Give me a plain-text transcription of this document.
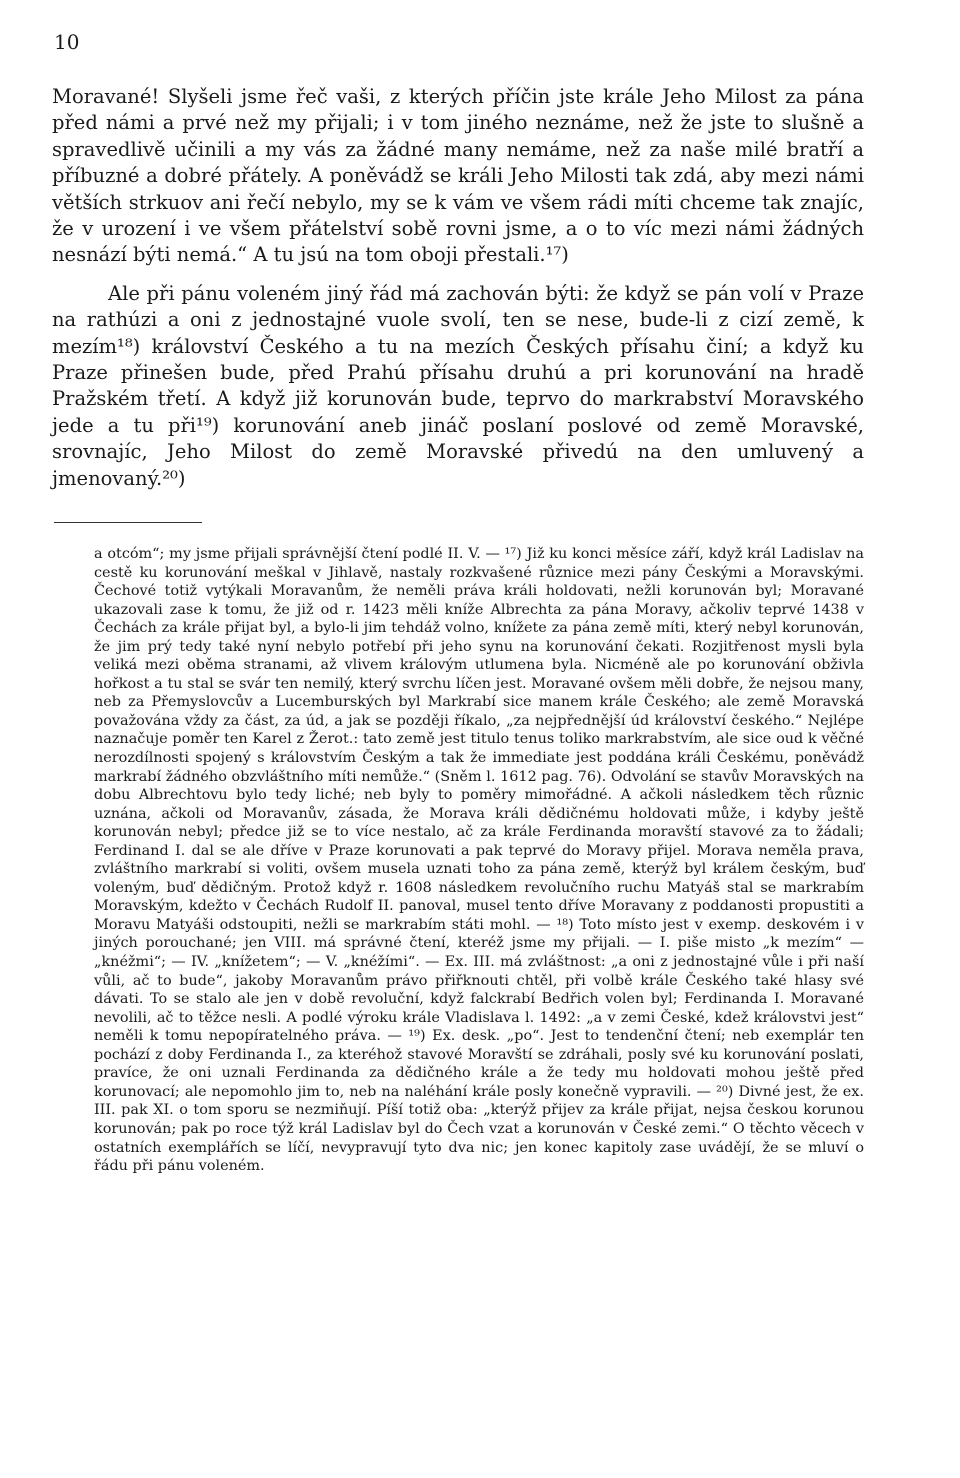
10

Moravané! Slyšeli jsme řeč vaši, z kterých příčin jste krále Jeho Milost za pána před námi a prvé než my přijali; i v tom jiného neznáme, než že jste to slušně a spravedlivě učinili a my vás za žádné many nemáme, než za naše milé bratří a příbuzné a dobré přátely. A poněvádž se králi Jeho Milosti tak zdá, aby mezi námi větších strkuov ani řečí nebylo, my se k vám ve všem rádi míti chceme tak znajíc, že v urození i ve všem přátelství sobě rovni jsme, a o to víc mezi námi žádných nesnází býti nemá.“ A tu jsú na tom oboji přestali.¹⁷)

Ale při pánu voleném jiný řád má zachován býti: že když se pán volí v Praze na rathúzi a oni z jednostajné vuole svolí, ten se nese, bude-li z cizí země, k mezím¹⁸) království Českého a tu na mezích Českých přísahu činí; a když ku Praze přinešen bude, před Prahú přísahu druhú a pri korunování na hradě Pražském třetí. A když již korunován bude, teprvo do markrabství Moravského jede a tu při¹⁹) korunování aneb jináč poslaní poslové od země Moravské, srovnajíc, Jeho Milost do země Moravské přivedú na den umluvený a jmenovaný.²⁰)

a otcóm“; my jsme přijali správnější čtení podlé II. V. — ¹⁷) Již ku konci měsíce září, když král Ladislav na cestě ku korunování meškal v Jihlavě, nastaly rozkvašené různice mezi pány Českými a Moravskými. Čechové totiž vytýkali Moravanům, že neměli práva králi holdovati, nežli korunován byl; Moravané ukazovali zase k tomu, že již od r. 1423 měli kníže Albrechta za pána Moravy, ačkoliv teprvé 1438 v Čechách za krále přijat byl, a bylo-li jim tehdáž volno, knížete za pána země míti, který nebyl korunován, že jim prý tedy také nyní nebylo potřebí při jeho synu na korunování čekati. Rozjitřenost mysli byla veliká mezi oběma stranami, až vlivem královým utlumena byla. Nicméně ale po korunování obživla hořkost a tu stal se svár ten nemilý, který svrchu líčen jest. Moravané ovšem měli dobře, že nejsou many, neb za Přemyslovcův a Lucemburských byl Markrabí sice manem krále Českého; ale země Moravská považována vždy za část, za úd, a jak se později říkalo, „za nejpřednější úd království českého.“ Nejlépe naznačuje poměr ten Karel z Žerot.: tato země jest titulo tenus toliko markrabstvím, ale sice oud k věčné nerozdílnosti spojený s královstvím Českým a tak že immediate jest poddána králi Českému, poněvádž markrabí žádného obzvláštního míti nemůže.“ (Sněm l. 1612 pag. 76). Odvolání se stavův Moravských na dobu Albrechtovu bylo tedy liché; neb byly to poměry mimořádné. A ačkoli následkem těch různic uznána, ačkoli od Moravanův, zásada, že Morava králi dědičnému holdovati může, i kdyby ještě korunován nebyl; předce již se to více nestalo, ač za krále Ferdinanda moravští stavové za to žádali; Ferdinand I. dal se ale dříve v Praze korunovati a pak teprvé do Moravy přijel. Morava neměla prava, zvláštního markrabí si voliti, ovšem musela uznati toho za pána země, kterýž byl králem českým, buď voleným, buď dědičným. Protož když r. 1608 následkem revolučního ruchu Matyáš stal se markrabím Moravským, kdežto v Čechách Rudolf II. panoval, musel tento dříve Moravany z poddanosti propustiti a Moravu Matyáši odstoupiti, nežli se markrabím státi mohl. — ¹⁸) Toto místo jest v exemp. deskovém i v jiných porouchané; jen VIII. má správné čtení, kteréž jsme my přijali. — I. piše misto „k mezím“ — „knéžmi“; — IV. „knížetem“; — V. „knéžími“. — Ex. III. má zvláštnost: „a oni z jednostajné vůle i při naší vůli, ač to bude“, jakoby Moravanům právo přiřknouti chtěl, při volbě krále Českého také hlasy své dávati. To se stalo ale jen v době revoluční, když falckrabí Bedřich volen byl; Ferdinanda I. Moravané nevolili, ač to těžce nesli. A podlé výroku krále Vladislava l. 1492: „a v zemi České, kdež královstvi jest“ neměli k tomu nepopíratelného práva. — ¹⁹) Ex. desk. „po“. Jest to tendenční čtení; neb exemplár ten pochází z doby Ferdinanda I., za kteréhož stavové Moravští se zdráhali, posly své ku korunování poslati, pravíce, že oni uznali Ferdinanda za dědičného krále a že tedy mu holdovati mohou ještě před korunovací; ale nepomohlo jim to, neb na naléhání krále posly konečně vypravili. — ²⁰) Divné jest, že ex. III. pak XI. o tom sporu se nezmiňují. Píší totiž oba: „kterýž přijev za krále přijat, nejsa českou korunou korunován; pak po roce týž král Ladislav byl do Čech vzat a korunován v České zemi.“ O těchto věcech v ostatních exemplářích se líčí, nevypravují tyto dva nic; jen konec kapitoly zase uvádějí, že se mluví o řádu při pánu voleném.
